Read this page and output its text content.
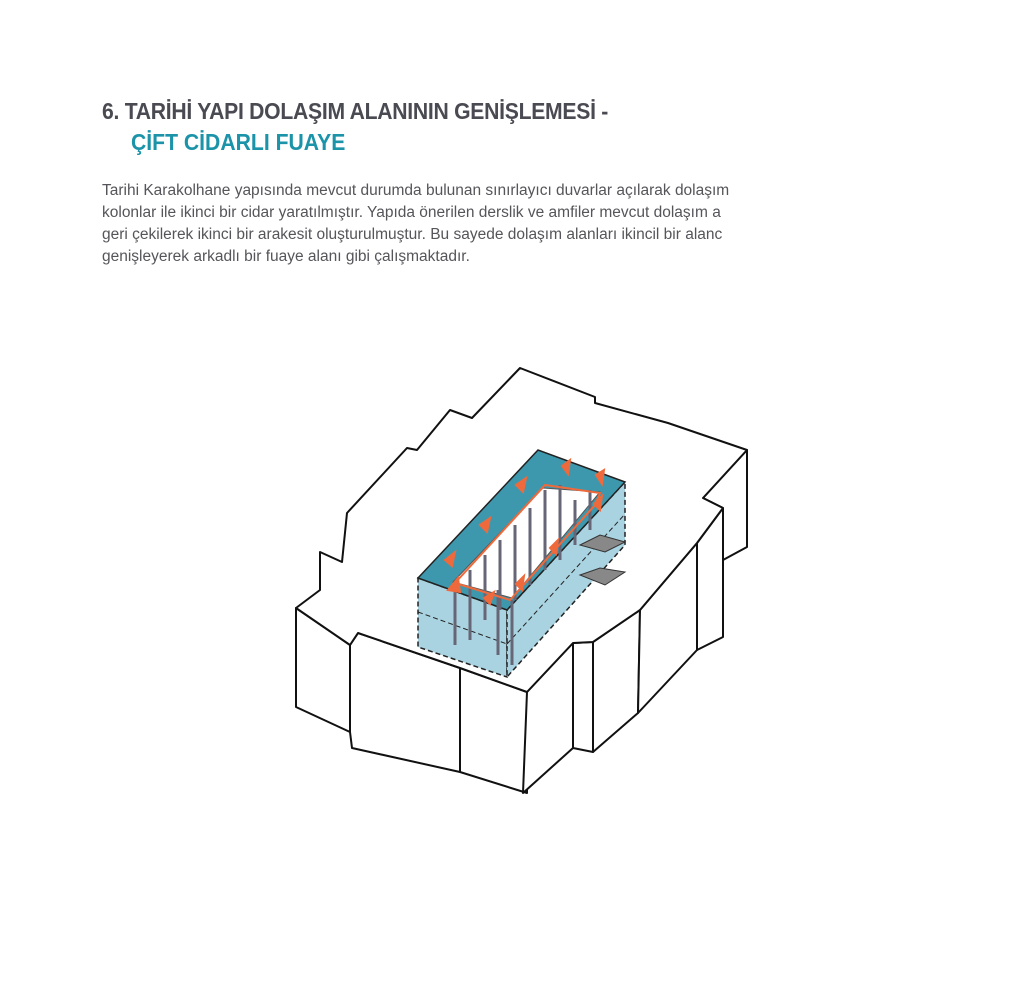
6. TARİHİ YAPI DOLAŞIM ALANININ GENİŞLEMESİ -
ÇİFT CİDARLI FUAYE
Tarihi Karakolhane yapısında mevcut durumda bulunan sınırlayıcı duvarlar açılarak dolaşım
kolonlar ile ikinci bir cidar yaratılmıştır. Yapıda önerilen derslik ve amfiler mevcut dolaşım a
geri çekilerek ikinci bir arakesit oluşturulmuştur. Bu sayede dolaşım alanları ikincil bir alanc
genişleyerek arkadlı bir fuaye alanı gibi çalışmaktadır.
